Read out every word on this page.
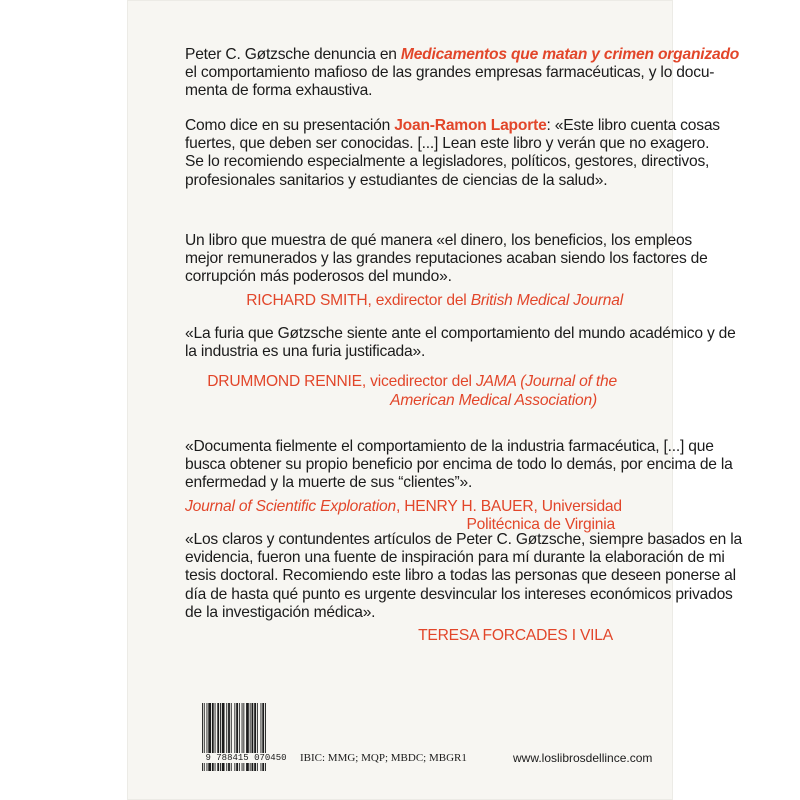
Peter C. Gøtzsche denuncia en Medicamentos que matan y crimen organizado
el comportamiento mafioso de las grandes empresas farmacéuticas, y lo docu-
menta de forma exhaustiva.
Como dice en su presentación Joan-Ramon Laporte: «Este libro cuenta cosas
fuertes, que deben ser conocidas. [...] Lean este libro y verán que no exagero.
Se lo recomiendo especialmente a legisladores, políticos, gestores, directivos,
profesionales sanitarios y estudiantes de ciencias de la salud».
Un libro que muestra de qué manera «el dinero, los beneficios, los empleos
mejor remunerados y las grandes reputaciones acaban siendo los factores de
corrupción más poderosos del mundo».
RICHARD SMITH, exdirector del British Medical Journal
«La furia que Gøtzsche siente ante el comportamiento del mundo académico y de
la industria es una furia justificada».
DRUMMOND RENNIE, vicedirector del JAMA (Journal of the
American Medical Association)
«Documenta fielmente el comportamiento de la industria farmacéutica, [...] que
busca obtener su propio beneficio por encima de todo lo demás, por encima de la
enfermedad y la muerte de sus “clientes”».
Journal of Scientific Exploration, HENRY H. BAUER, Universidad
Politécnica de Virginia
«Los claros y contundentes artículos de Peter C. Gøtzsche, siempre basados en la
evidencia, fueron una fuente de inspiración para mí durante la elaboración de mi
tesis doctoral. Recomiendo este libro a todas las personas que deseen ponerse al
día de hasta qué punto es urgente desvincular los intereses económicos privados
de la investigación médica».
TERESA FORCADES I VILA
9 788415 070450	IBIC: MMG; MQP; MBDC; MBGR1	www.loslibrosdellince.com
